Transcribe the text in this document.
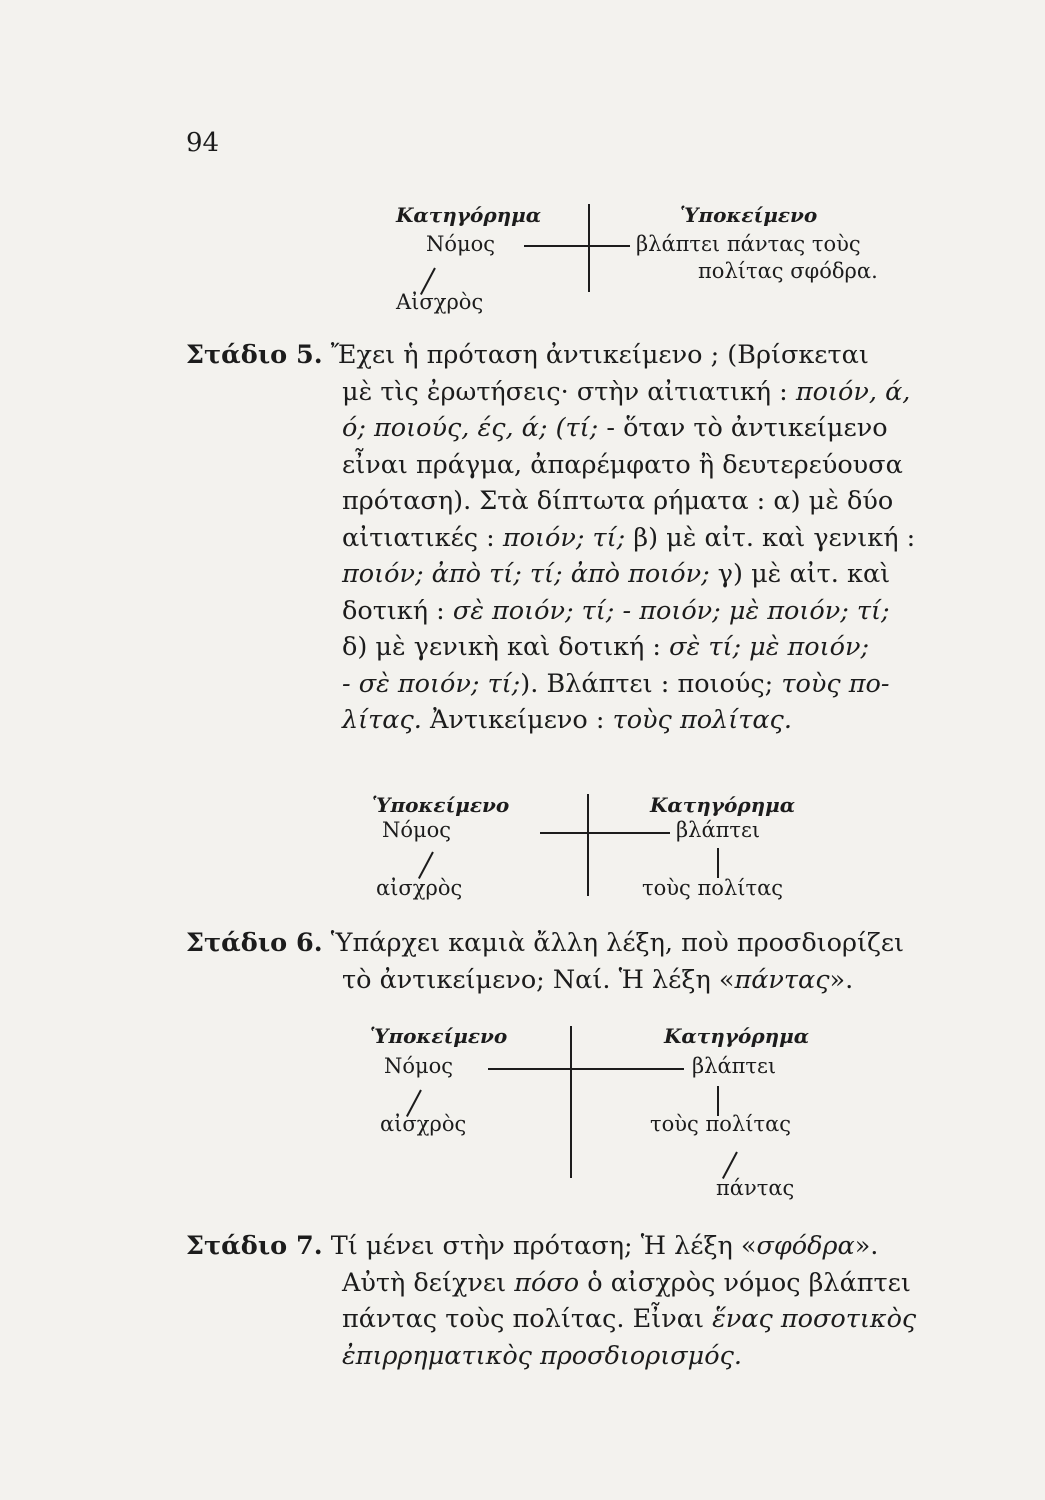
94
Κατηγόρημα	Ὑποκείμενο
Νόμος	βλάπτει πάντας τοὺς
πολίτας σφόδρα.
Αἰσχρὸς

Στάδιο 5. Ἔχει ἡ πρόταση ἀντικείμενο ; (Βρίσκεται

μὲ τὶς ἐρωτήσεις· στὴν αἰτιατική : ποιόν, ά,

ό; ποιούς, ές, ά; (τί; - ὅταν τὸ ἀντικείμενο

εἶναι πράγμα, ἀπαρέμφατο ἢ δευτερεύουσα

πρόταση). Στὰ δίπτωτα ρήματα : α) μὲ δύο

αἰτιατικές : ποιόν; τί; β) μὲ αἰτ. καὶ γενική :

ποιόν; ἀπὸ τί; τί; ἀπὸ ποιόν; γ) μὲ αἰτ. καὶ

δοτική : σὲ ποιόν; τί; - ποιόν; μὲ ποιόν; τί;

δ) μὲ γενικὴ καὶ δοτική : σὲ τί; μὲ ποιόν;

- σὲ ποιόν; τί;). Βλάπτει : ποιούς; τοὺς πο-

λίτας. Ἀντικείμενο : τοὺς πολίτας.

Ὑποκείμενο	Κατηγόρημα
Νόμος	βλάπτει
αἰσχρὸς	τοὺς πολίτας

Στάδιο 6. Ὑπάρχει καμιὰ ἄλλη λέξη, ποὺ προσδιορίζει

τὸ ἀντικείμενο; Ναί. Ἡ λέξη «πάντας».

Ὑποκείμενο	Κατηγόρημα
Νόμος	βλάπτει
αἰσχρὸς	τοὺς πολίτας
πάντας

Στάδιο 7. Τί μένει στὴν πρόταση; Ἡ λέξη «σφόδρα».

Αὐτὴ δείχνει πόσο ὁ αἰσχρὸς νόμος βλάπτει

πάντας τοὺς πολίτας. Εἶναι ἕνας ποσοτικὸς

ἐπιρρηματικὸς προσδιορισμός.
